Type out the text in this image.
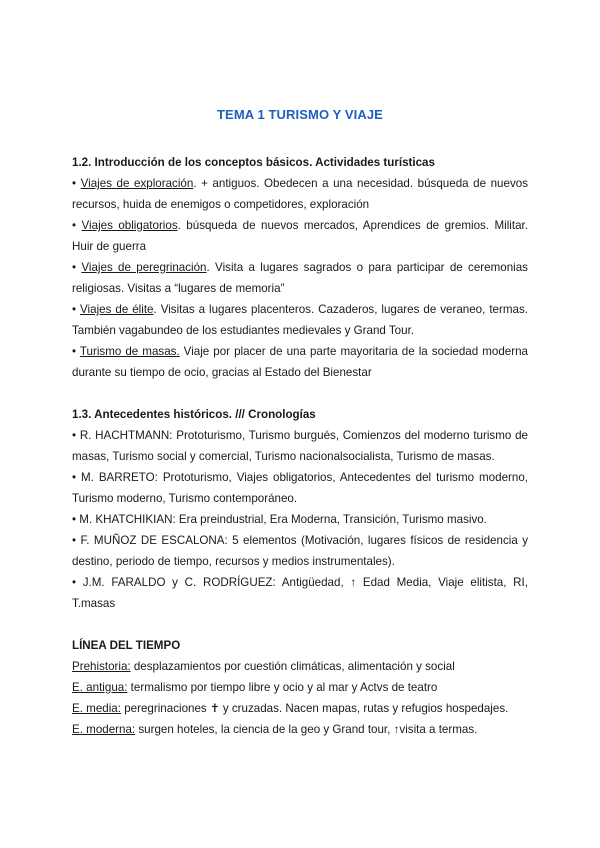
TEMA 1 TURISMO Y VIAJE
1.2. Introducción de los conceptos básicos. Actividades turísticas

• Viajes de exploración. + antiguos. Obedecen a una necesidad. búsqueda de nuevos recursos, huida de enemigos o competidores, exploración

• Viajes obligatorios. búsqueda de nuevos mercados, Aprendices de gremios. Militar. Huir de guerra

• Viajes de peregrinación. Visita a lugares sagrados o para participar de ceremonias religiosas. Visitas a “lugares de memoria”

• Viajes de élite. Visitas a lugares placenteros. Cazaderos, lugares de veraneo, termas. También vagabundeo de los estudiantes medievales y Grand Tour.

• Turismo de masas. Viaje por placer de una parte mayoritaria de la sociedad moderna durante su tiempo de ocio, gracias al Estado del Bienestar

1.3. Antecedentes históricos. /// Cronologías

• R. HACHTMANN: Prototurismo, Turismo burgués, Comienzos del moderno turismo de masas, Turismo social y comercial, Turismo nacionalsocialista, Turismo de masas.

• M. BARRETO: Prototurismo, Viajes obligatorios, Antecedentes del turismo moderno, Turismo moderno, Turismo contemporáneo.

• M. KHATCHIKIAN: Era preindustrial, Era Moderna, Transición, Turismo masivo.

• F. MUÑOZ DE ESCALONA: 5 elementos (Motivación, lugares físicos de residencia y destino, periodo de tiempo, recursos y medios instrumentales).

• J.M. FARALDO y C. RODRÍGUEZ: Antigüedad, ↑ Edad Media, Viaje elitista, RI, T.masas

LÍNEA DEL TIEMPO

Prehistoria: desplazamientos por cuestión climáticas, alimentación y social

E. antigua: termalismo por tiempo libre y ocio y al mar y Actvs de teatro

E. media: peregrinaciones ✝ y cruzadas. Nacen mapas, rutas y refugios hospedajes.

E. moderna: surgen hoteles, la ciencia de la geo y Grand tour, ↑visita a termas.
